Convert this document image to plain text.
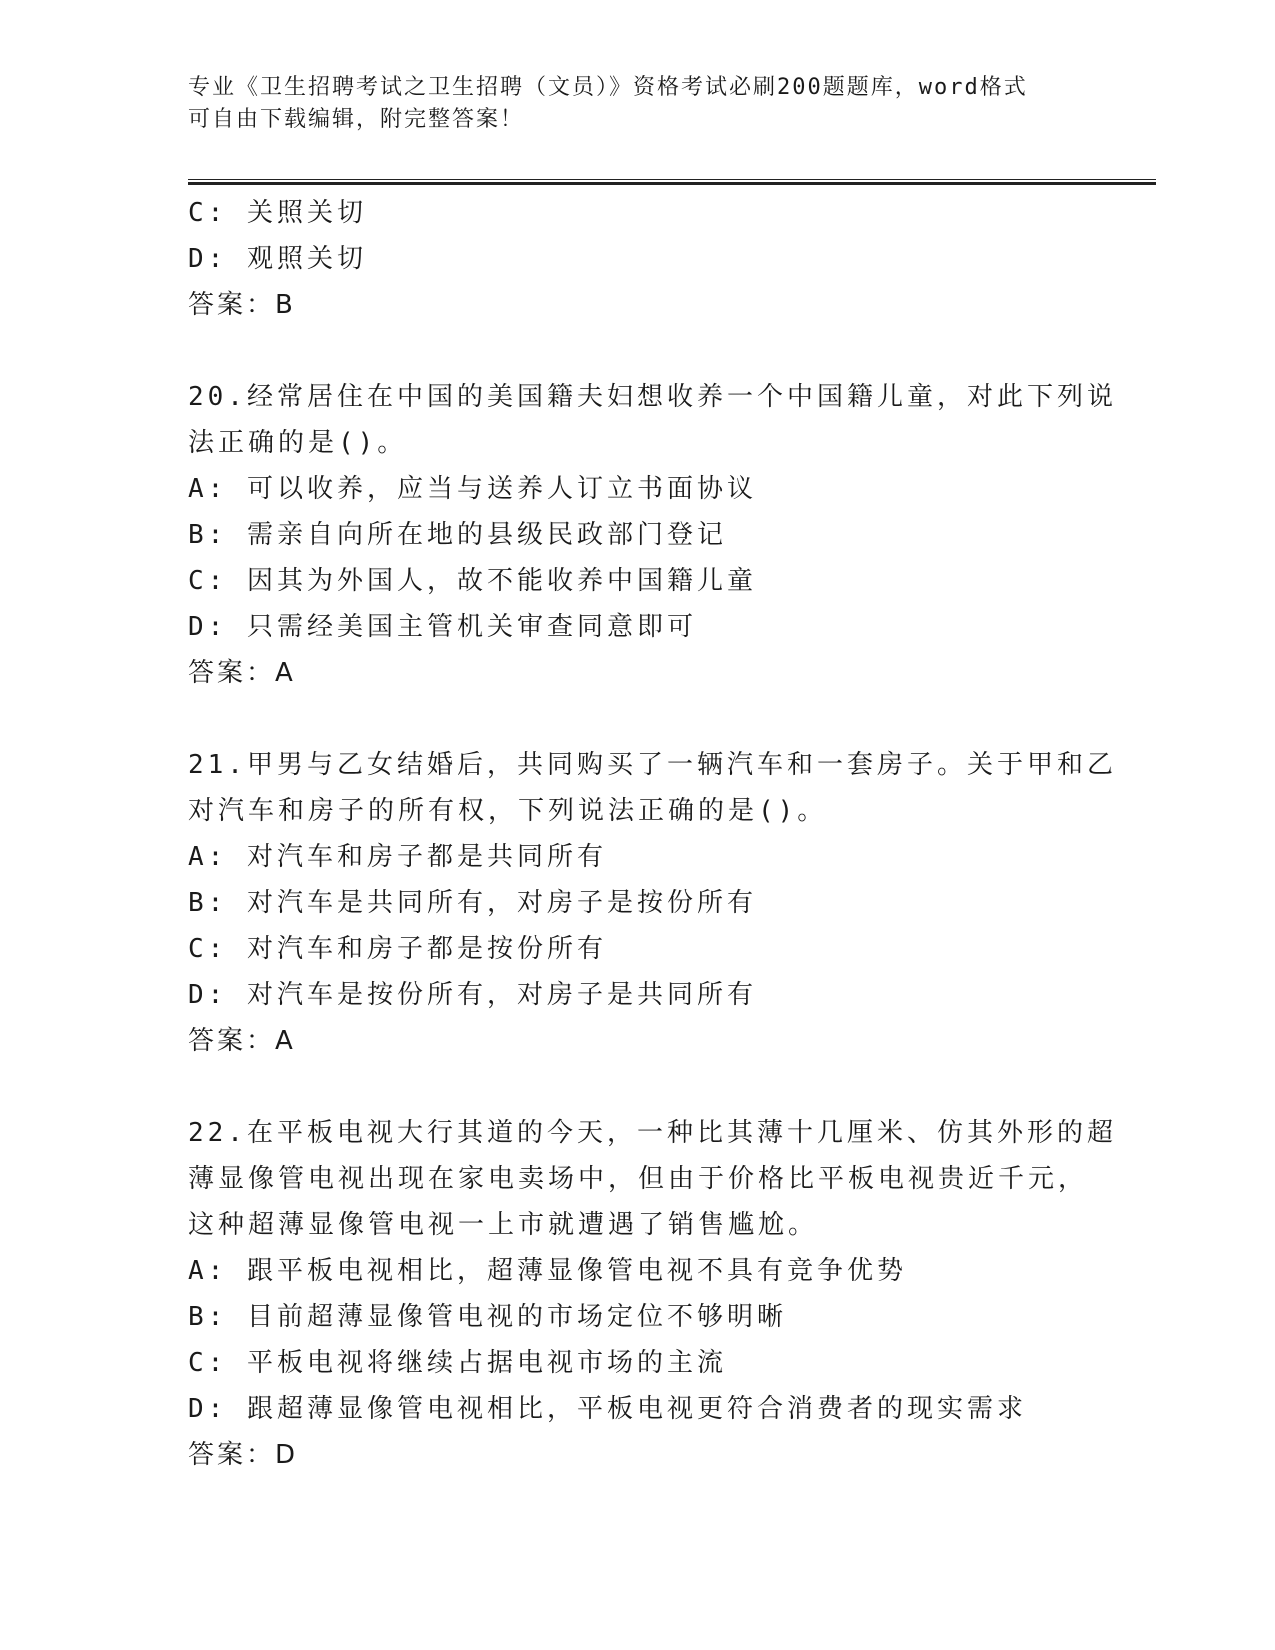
专业《卫生招聘考试之卫生招聘（文员）》资格考试必刷200题题库，word格式
可自由下载编辑，附完整答案！
C: 关照关切
D: 观照关切
答案：B
20.经常居住在中国的美国籍夫妇想收养一个中国籍儿童，对此下列说
法正确的是()。
A: 可以收养，应当与送养人订立书面协议
B: 需亲自向所在地的县级民政部门登记
C: 因其为外国人，故不能收养中国籍儿童
D: 只需经美国主管机关审查同意即可
答案：A
21.甲男与乙女结婚后，共同购买了一辆汽车和一套房子。关于甲和乙
对汽车和房子的所有权，下列说法正确的是()。
A: 对汽车和房子都是共同所有
B: 对汽车是共同所有，对房子是按份所有
C: 对汽车和房子都是按份所有
D: 对汽车是按份所有，对房子是共同所有
答案：A
22.在平板电视大行其道的今天，一种比其薄十几厘米、仿其外形的超
薄显像管电视出现在家电卖场中，但由于价格比平板电视贵近千元，
这种超薄显像管电视一上市就遭遇了销售尴尬。
A: 跟平板电视相比，超薄显像管电视不具有竞争优势
B: 目前超薄显像管电视的市场定位不够明晰
C: 平板电视将继续占据电视市场的主流
D: 跟超薄显像管电视相比，平板电视更符合消费者的现实需求
答案：D
